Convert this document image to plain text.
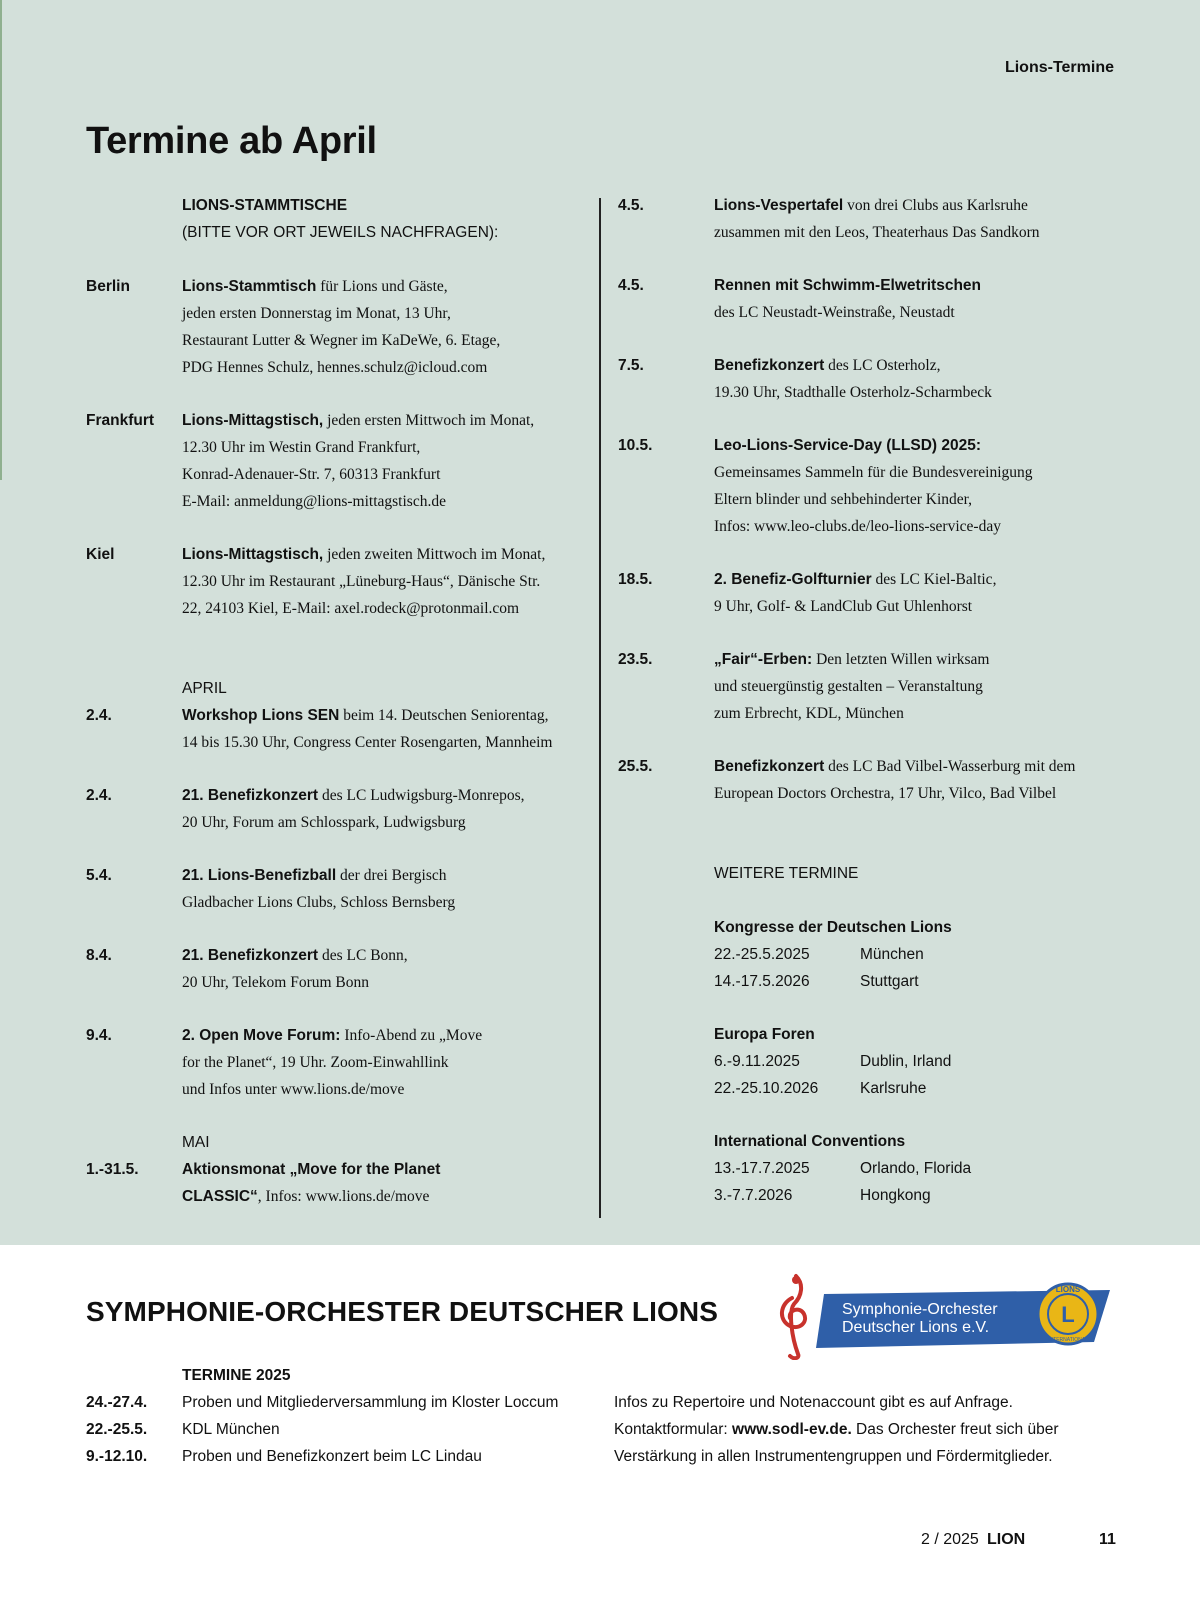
Lions-Termine
Termine ab April
LIONS-STAMMTISCHE
(BITTE VOR ORT JEWEILS NACHFRAGEN):
Berlin	Lions-Stammtisch für Lions und Gäste,
jeden ersten Donnerstag im Monat, 13 Uhr,
Restaurant Lutter & Wegner im KaDeWe, 6. Etage,
PDG Hennes Schulz, hennes.schulz@icloud.com
Frankfurt	Lions-Mittagstisch, jeden ersten Mittwoch im Monat,
12.30 Uhr im Westin Grand Frankfurt,
Konrad-Adenauer-Str. 7, 60313 Frankfurt
E-Mail: anmeldung@lions-mittagstisch.de
Kiel	Lions-Mittagstisch, jeden zweiten Mittwoch im Monat,
12.30 Uhr im Restaurant „Lüneburg-Haus“, Dänische Str.
22, 24103 Kiel, E-Mail: axel.rodeck@protonmail.com
APRIL
2.4.	Workshop Lions SEN beim 14. Deutschen Seniorentag,
14 bis 15.30 Uhr, Congress Center Rosengarten, Mannheim
2.4.	21. Benefizkonzert des LC Ludwigsburg-Monrepos,
20 Uhr, Forum am Schlosspark, Ludwigsburg
5.4.	21. Lions-Benefizball der drei Bergisch
Gladbacher Lions Clubs, Schloss Bernsberg
8.4.	21. Benefizkonzert des LC Bonn,
20 Uhr, Telekom Forum Bonn
9.4.	2. Open Move Forum: Info-Abend zu „Move
for the Planet“, 19 Uhr. Zoom-Einwahllink
und Infos unter www.lions.de/move
MAI
1.-31.5.	Aktionsmonat „Move for the Planet
CLASSIC“, Infos: www.lions.de/move
4.5.	Lions-Vespertafel von drei Clubs aus Karlsruhe
zusammen mit den Leos, Theaterhaus Das Sandkorn
4.5.	Rennen mit Schwimm-Elwetritschen
des LC Neustadt-Weinstraße, Neustadt
7.5.	Benefizkonzert des LC Osterholz,
19.30 Uhr, Stadthalle Osterholz-Scharmbeck
10.5.	Leo-Lions-Service-Day (LLSD) 2025:
Gemeinsames Sammeln für die Bundesvereinigung
Eltern blinder und sehbehinderter Kinder,
Infos: www.leo-clubs.de/leo-lions-service-day
18.5.	2. Benefiz-Golfturnier des LC Kiel-Baltic,
9 Uhr, Golf- & LandClub Gut Uhlenhorst
23.5.	„Fair“-Erben: Den letzten Willen wirksam
und steuergünstig gestalten – Veranstaltung
zum Erbrecht, KDL, München
25.5.	Benefizkonzert des LC Bad Vilbel-Wasserburg mit dem
European Doctors Orchestra, 17 Uhr, Vilco, Bad Vilbel
WEITERE TERMINE
Kongresse der Deutschen Lions
22.-25.5.2025	München
14.-17.5.2026	Stuttgart
Europa Foren
6.-9.11.2025	Dublin, Irland
22.-25.10.2026	Karlsruhe
International Conventions
13.-17.7.2025	Orlando, Florida
3.-7.7.2026	Hongkong
SYMPHONIE-ORCHESTER DEUTSCHER LIONS	Symphonie-Orchester
Deutscher Lions e.V.
LIONS
L
INTERNATIONAL
TERMINE 2025
24.-27.4.	Proben und Mitgliederversammlung im Kloster Loccum
22.-25.5.	KDL München
9.-12.10.	Proben und Benefizkonzert beim LC Lindau
Infos zu Repertoire und Notenaccount gibt es auf Anfrage.
Kontaktformular: www.sodl-ev.de. Das Orchester freut sich über
Verstärkung in allen Instrumentengruppen und Fördermitglieder.
2 / 2025 LION	11
